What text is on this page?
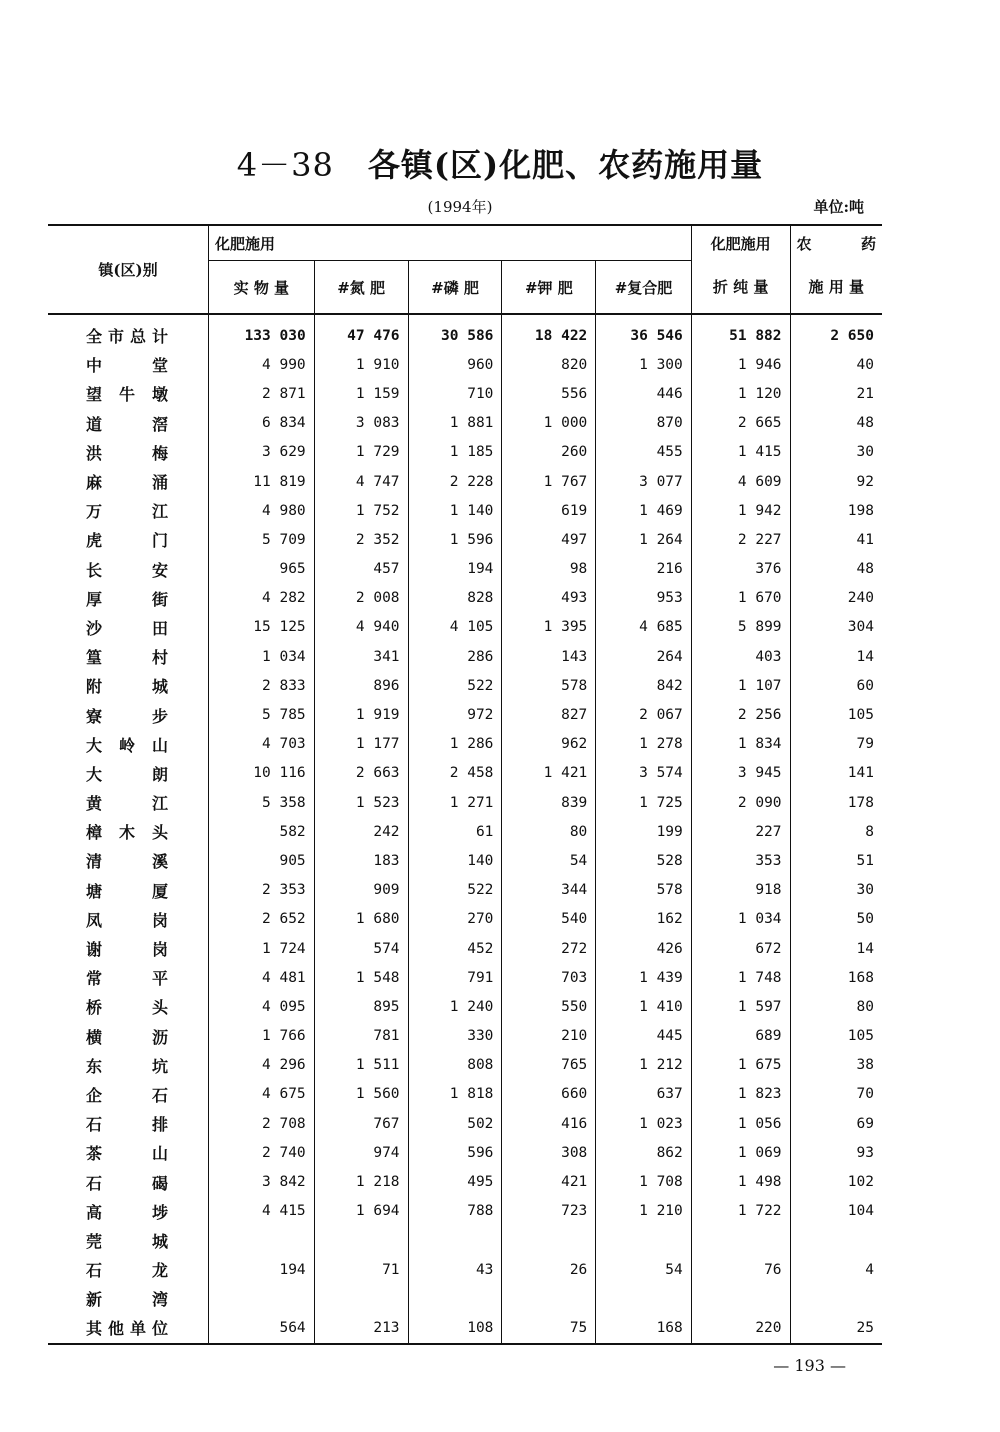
4－38 各镇(区)化肥、农药施用量
(1994年)	单位:吨
镇(区)别	化肥施用					化肥施用	农 药
	实 物 量	#氮 肥	#磷 肥	#钾 肥	#复合肥	折 纯 量	施 用 量
全市总计	133 030	47 476	30 586	18 422	36 546	51 882	2 650
中堂	4 990	1 910	960	820	1 300	1 946	40
望牛墩	2 871	1 159	710	556	446	1 120	21
道滘	6 834	3 083	1 881	1 000	870	2 665	48
洪梅	3 629	1 729	1 185	260	455	1 415	30
麻涌	11 819	4 747	2 228	1 767	3 077	4 609	92
万江	4 980	1 752	1 140	619	1 469	1 942	198
虎门	5 709	2 352	1 596	497	1 264	2 227	41
长安	965	457	194	98	216	376	48
厚街	4 282	2 008	828	493	953	1 670	240
沙田	15 125	4 940	4 105	1 395	4 685	5 899	304
篁村	1 034	341	286	143	264	403	14
附城	2 833	896	522	578	842	1 107	60
寮步	5 785	1 919	972	827	2 067	2 256	105
大岭山	4 703	1 177	1 286	962	1 278	1 834	79
大朗	10 116	2 663	2 458	1 421	3 574	3 945	141
黄江	5 358	1 523	1 271	839	1 725	2 090	178
樟木头	582	242	61	80	199	227	8
清溪	905	183	140	54	528	353	51
塘厦	2 353	909	522	344	578	918	30
凤岗	2 652	1 680	270	540	162	1 034	50
谢岗	1 724	574	452	272	426	672	14
常平	4 481	1 548	791	703	1 439	1 748	168
桥头	4 095	895	1 240	550	1 410	1 597	80
横沥	1 766	781	330	210	445	689	105
东坑	4 296	1 511	808	765	1 212	1 675	38
企石	4 675	1 560	1 818	660	637	1 823	70
石排	2 708	767	502	416	1 023	1 056	69
茶山	2 740	974	596	308	862	1 069	93
石碣	3 842	1 218	495	421	1 708	1 498	102
高埗	4 415	1 694	788	723	1 210	1 722	104
莞城							
石龙	194	71	43	26	54	76	4
新湾							
其他单位	564	213	108	75	168	220	25
— 193 —
